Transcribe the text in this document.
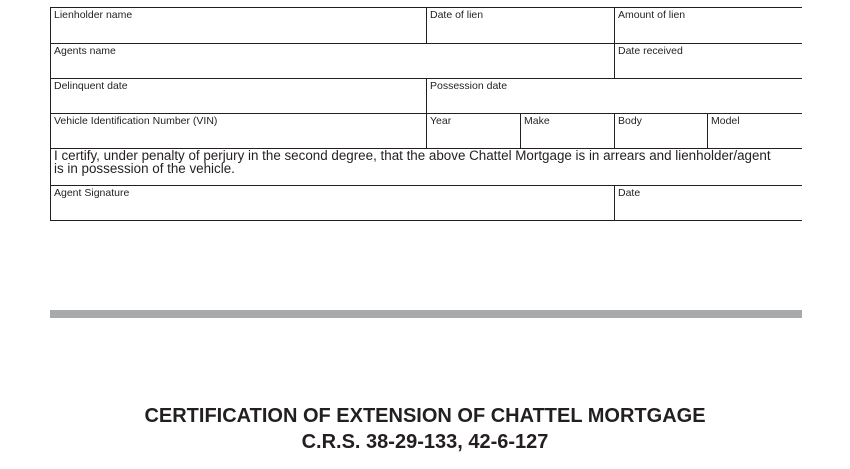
Lienholder name	Date of lien	Amount of lien
Agents name	Date received
Delinquent date	Possession date
Vehicle Identification Number (VIN)	Year	Make	Body	Model
I certify, under penalty of perjury in the second degree, that the above Chattel Mortgage is in arrears and lienholder/agent
is in possession of the vehicle.
Agent Signature	Date
CERTIFICATION OF EXTENSION OF CHATTEL MORTGAGE
C.R.S. 38-29-133, 42-6-127
